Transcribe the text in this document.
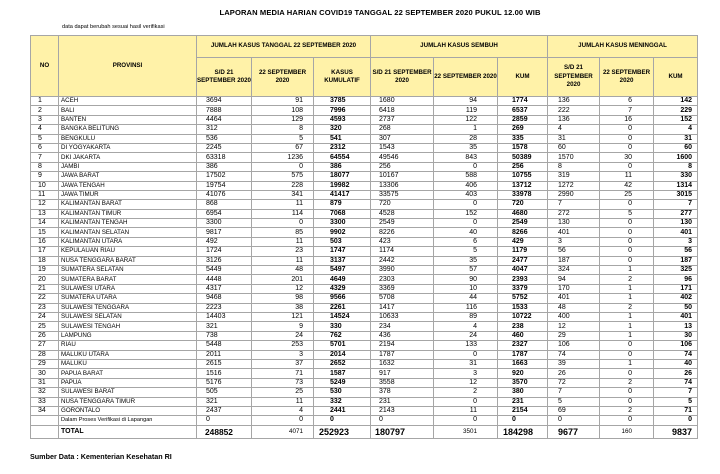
LAPORAN MEDIA HARIAN COVID19 TANGGAL 22 SEPTEMBER 2020 PUKUL 12.00 WIB
data dapat berubah sesuai hasil verifikasi
NO	PROVINSI	JUMLAH KASUS TANGGAL 22 SEPTEMBER 2020			JUMLAH KASUS SEMBUH			JUMLAH KASUS MENINGGAL		
		S/D 21 SEPTEMBER 2020	22 SEPTEMBER 2020	KASUS KUMULATIF	S/D 21 SEPTEMBER 2020	22 SEPTEMBER 2020	KUM	S/D 21 SEPTEMBER 2020	22 SEPTEMBER 2020	KUM
1	ACEH	3694	91	3785	1680	94	1774	136	6	142
2	BALI	7888	108	7996	6418	119	6537	222	7	229
3	BANTEN	4464	129	4593	2737	122	2859	136	16	152
4	BANGKA BELITUNG	312	8	320	268	1	269	4	0	4
5	BENGKULU	536	5	541	307	28	335	31	0	31
6	DI YOGYAKARTA	2245	67	2312	1543	35	1578	60	0	60
7	DKI JAKARTA	63318	1236	64554	49546	843	50389	1570	30	1600
8	JAMBI	386	0	386	256	0	256	8	0	8
9	JAWA BARAT	17502	575	18077	10167	588	10755	319	11	330
10	JAWA TENGAH	19754	228	19982	13306	406	13712	1272	42	1314
11	JAWA TIMUR	41076	341	41417	33575	403	33978	2990	25	3015
12	KALIMANTAN BARAT	868	11	879	720	0	720	7	0	7
13	KALIMANTAN TIMUR	6954	114	7068	4528	152	4680	272	5	277
14	KALIMANTAN TENGAH	3300	0	3300	2549	0	2549	130	0	130
15	KALIMANTAN SELATAN	9817	85	9902	8226	40	8266	401	0	401
16	KALIMANTAN UTARA	492	11	503	423	6	429	3	0	3
17	KEPULAUAN RIAU	1724	23	1747	1174	5	1179	56	0	56
18	NUSA TENGGARA BARAT	3126	11	3137	2442	35	2477	187	0	187
19	SUMATERA SELATAN	5449	48	5497	3990	57	4047	324	1	325
20	SUMATERA BARAT	4448	201	4649	2303	90	2393	94	2	96
21	SULAWESI UTARA	4317	12	4329	3369	10	3379	170	1	171
22	SUMATERA UTARA	9468	98	9566	5708	44	5752	401	1	402
23	SULAWESI TENGGARA	2223	38	2261	1417	116	1533	48	2	50
24	SULAWESI SELATAN	14403	121	14524	10633	89	10722	400	1	401
25	SULAWESI TENGAH	321	9	330	234	4	238	12	1	13
26	LAMPUNG	738	24	762	436	24	460	29	1	30
27	RIAU	5448	253	5701	2194	133	2327	106	0	106
28	MALUKU UTARA	2011	3	2014	1787	0	1787	74	0	74
29	MALUKU	2615	37	2652	1632	31	1663	39	1	40
30	PAPUA BARAT	1516	71	1587	917	3	920	26	0	26
31	PAPUA	5176	73	5249	3558	12	3570	72	2	74
32	SULAWESI BARAT	505	25	530	378	2	380	7	0	7
33	NUSA TENGGARA TIMUR	321	11	332	231	0	231	5	0	5
34	GORONTALO	2437	4	2441	2143	11	2154	69	2	71
	Dalam Proses Verifikasi di Lapangan	0	0	0	0	0	0	0	0	0
	TOTAL	248852	4071	252923	180797	3501	184298	9677	160	9837
Sumber Data : Kementerian Kesehatan RI
